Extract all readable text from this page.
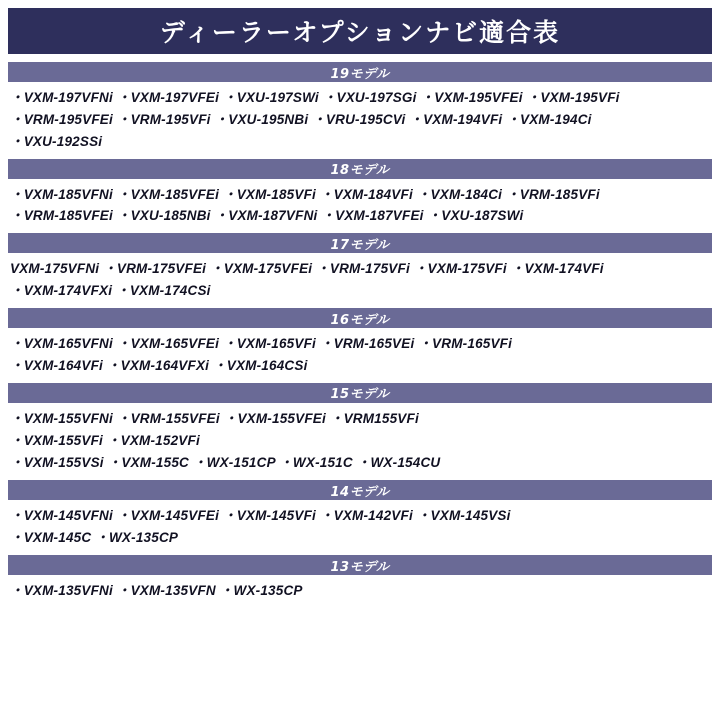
ディーラーオプションナビ適合表
19モデル
・VXM-197VFNi ・VXM-197VFEi ・VXU-197SWi ・VXU-197SGi ・VXM-195VFEi ・VXM-195VFi
・VRM-195VFEi ・VRM-195VFi ・VXU-195NBi ・VRU-195CVi ・VXM-194VFi ・VXM-194Ci
・VXU-192SSi
18モデル
・VXM-185VFNi ・VXM-185VFEi ・VXM-185VFi ・VXM-184VFi ・VXM-184Ci ・VRM-185VFi
・VRM-185VFEi ・VXU-185NBi ・VXM-187VFNi ・VXM-187VFEi ・VXU-187SWi
17モデル
VXM-175VFNi ・VRM-175VFEi ・VXM-175VFEi ・VRM-175VFi ・VXM-175VFi ・VXM-174VFi
・VXM-174VFXi ・VXM-174CSi
16モデル
・VXM-165VFNi ・VXM-165VFEi ・VXM-165VFi ・VRM-165VEi ・VRM-165VFi
・VXM-164VFi ・VXM-164VFXi ・VXM-164CSi
15モデル
・VXM-155VFNi ・VRM-155VFEi ・VXM-155VFEi ・VRM155VFi
・VXM-155VFi ・VXM-152VFi
・VXM-155VSi ・VXM-155C ・WX-151CP ・WX-151C ・WX-154CU
14モデル
・VXM-145VFNi ・VXM-145VFEi ・VXM-145VFi ・VXM-142VFi ・VXM-145VSi
・VXM-145C ・WX-135CP
13モデル
・VXM-135VFNi ・VXM-135VFN ・WX-135CP
